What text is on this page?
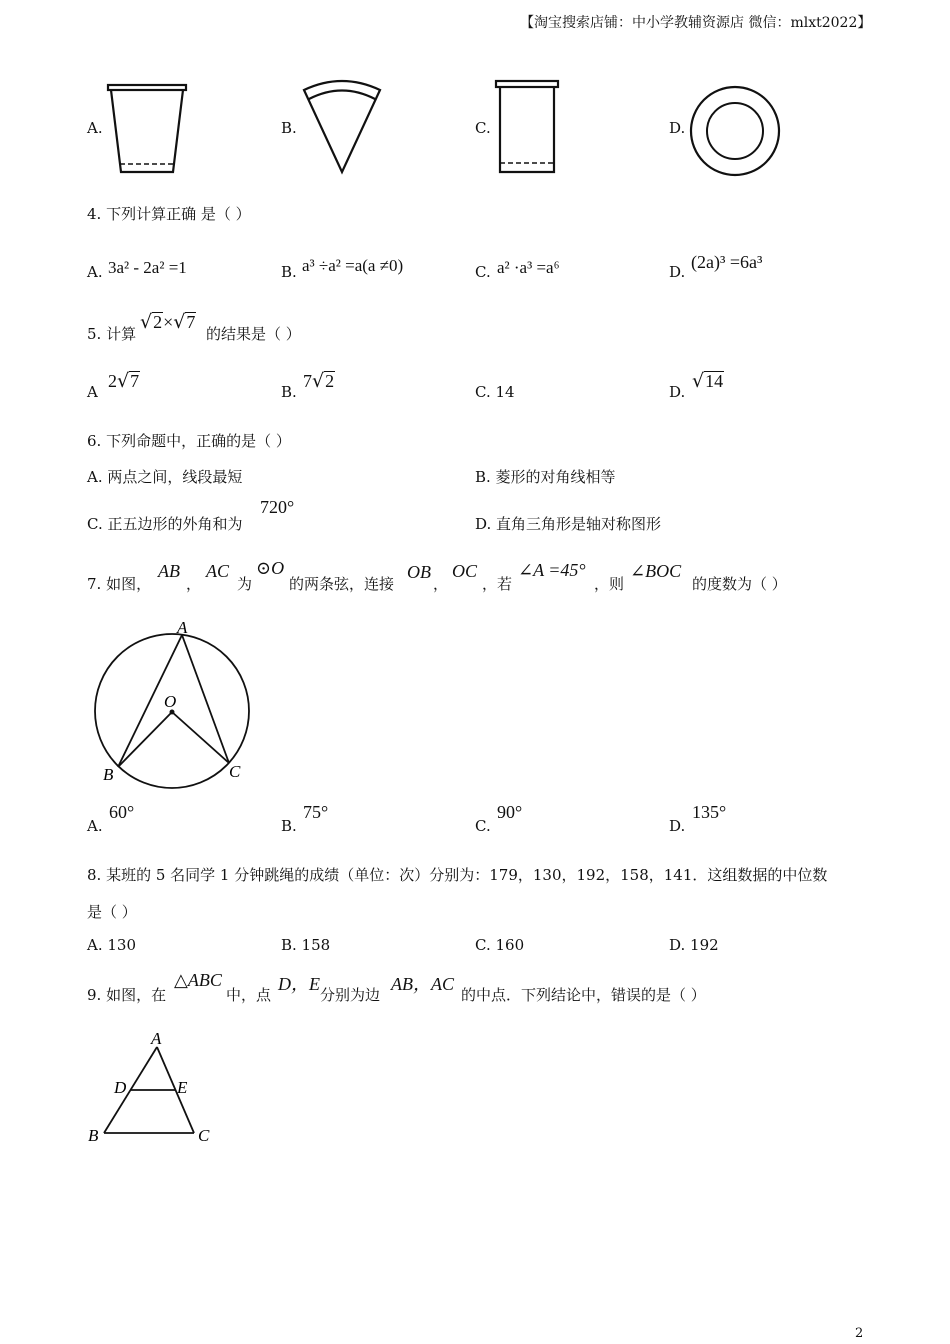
【淘宝搜索店铺：中小学教辅资源店 微信：mlxt2022】
A.	B.	C.	D.
4. 下列计算正确 是（ ）
A. 3a² - 2a² =1	B. a³ ÷a² =a(a ≠0)	C. a² ·a³ =a⁶	D. (2a)³ =6a³
5. 计算
√2×√7
的结果是（ ）
A
2√7
B.
7√2
C. 14	D. √14
6. 下列命题中，正确的是（ ）
A. 两点之间，线段最短	B. 菱形的对角线相等
C. 正五边形的外角和为
720°
D. 直角三角形是轴对称图形
7. 如图，
AB
，
AC
为
⊙O
的两条弦，连接
OB
，
OC
，若
∠A =45°
，则
∠BOC
的度数为（ ）
A
O
B	C
A.
60°
B.
75°
C.
90°
D.
135°
8. 某班的 5 名同学 1 分钟跳绳的成绩（单位：次）分别为：179，130，192，158，141．这组数据的中位数
是（ ）
A. 130	B. 158	C. 160	D. 192
9. 如图，在
△ABC
中，点
D，E
分别为边
AB，AC
的中点．下列结论中，错误的是（ ）
A
D	E
B	C
2
